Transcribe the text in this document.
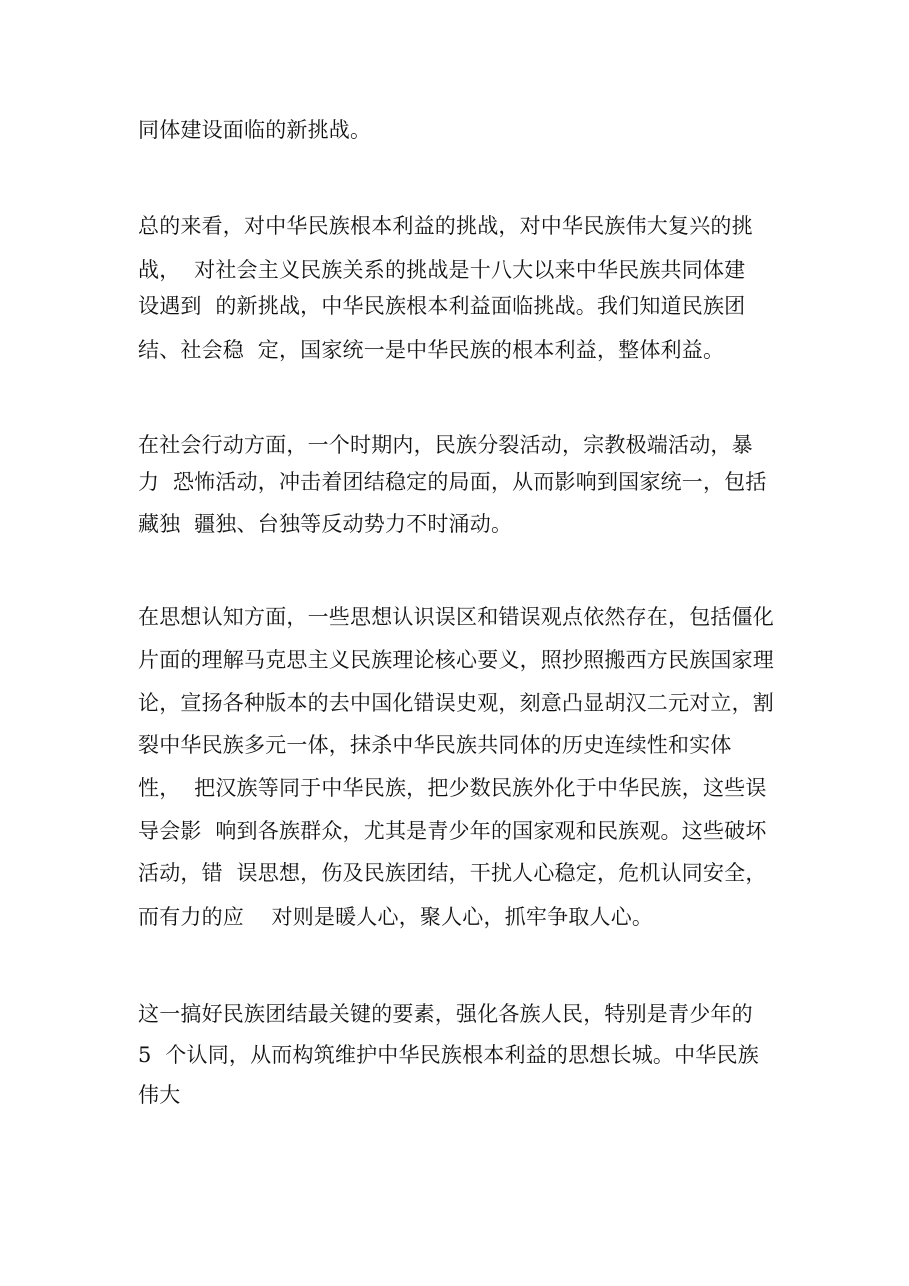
同体建设面临的新挑战。

总的来看，对中华民族根本利益的挑战，对中华民族伟大复兴的挑

战，  对社会主义民族关系的挑战是十八大以来中华民族共同体建

设遇到  的新挑战，中华民族根本利益面临挑战。我们知道民族团

结、社会稳  定，国家统一是中华民族的根本利益，整体利益。

在社会行动方面，一个时期内，民族分裂活动，宗教极端活动，暴

力  恐怖活动，冲击着团结稳定的局面，从而影响到国家统一，包括

藏独  疆独、台独等反动势力不时涌动。

在思想认知方面，一些思想认识误区和错误观点依然存在，包括僵化

片面的理解马克思主义民族理论核心要义，照抄照搬西方民族国家理

论，宣扬各种版本的去中国化错误史观，刻意凸显胡汉二元对立，割

裂中华民族多元一体，抹杀中华民族共同体的历史连续性和实体

性，  把汉族等同于中华民族，把少数民族外化于中华民族，这些误

导会影  响到各族群众，尤其是青少年的国家观和民族观。这些破坏

活动，错  误思想，伤及民族团结，干扰人心稳定，危机认同安全，

而有力的应    对则是暖人心，聚人心，抓牢争取人心。

这一搞好民族团结最关键的要素，强化各族人民，特别是青少年的

5  个认同，从而构筑维护中华民族根本利益的思想长城。中华民族

伟大
